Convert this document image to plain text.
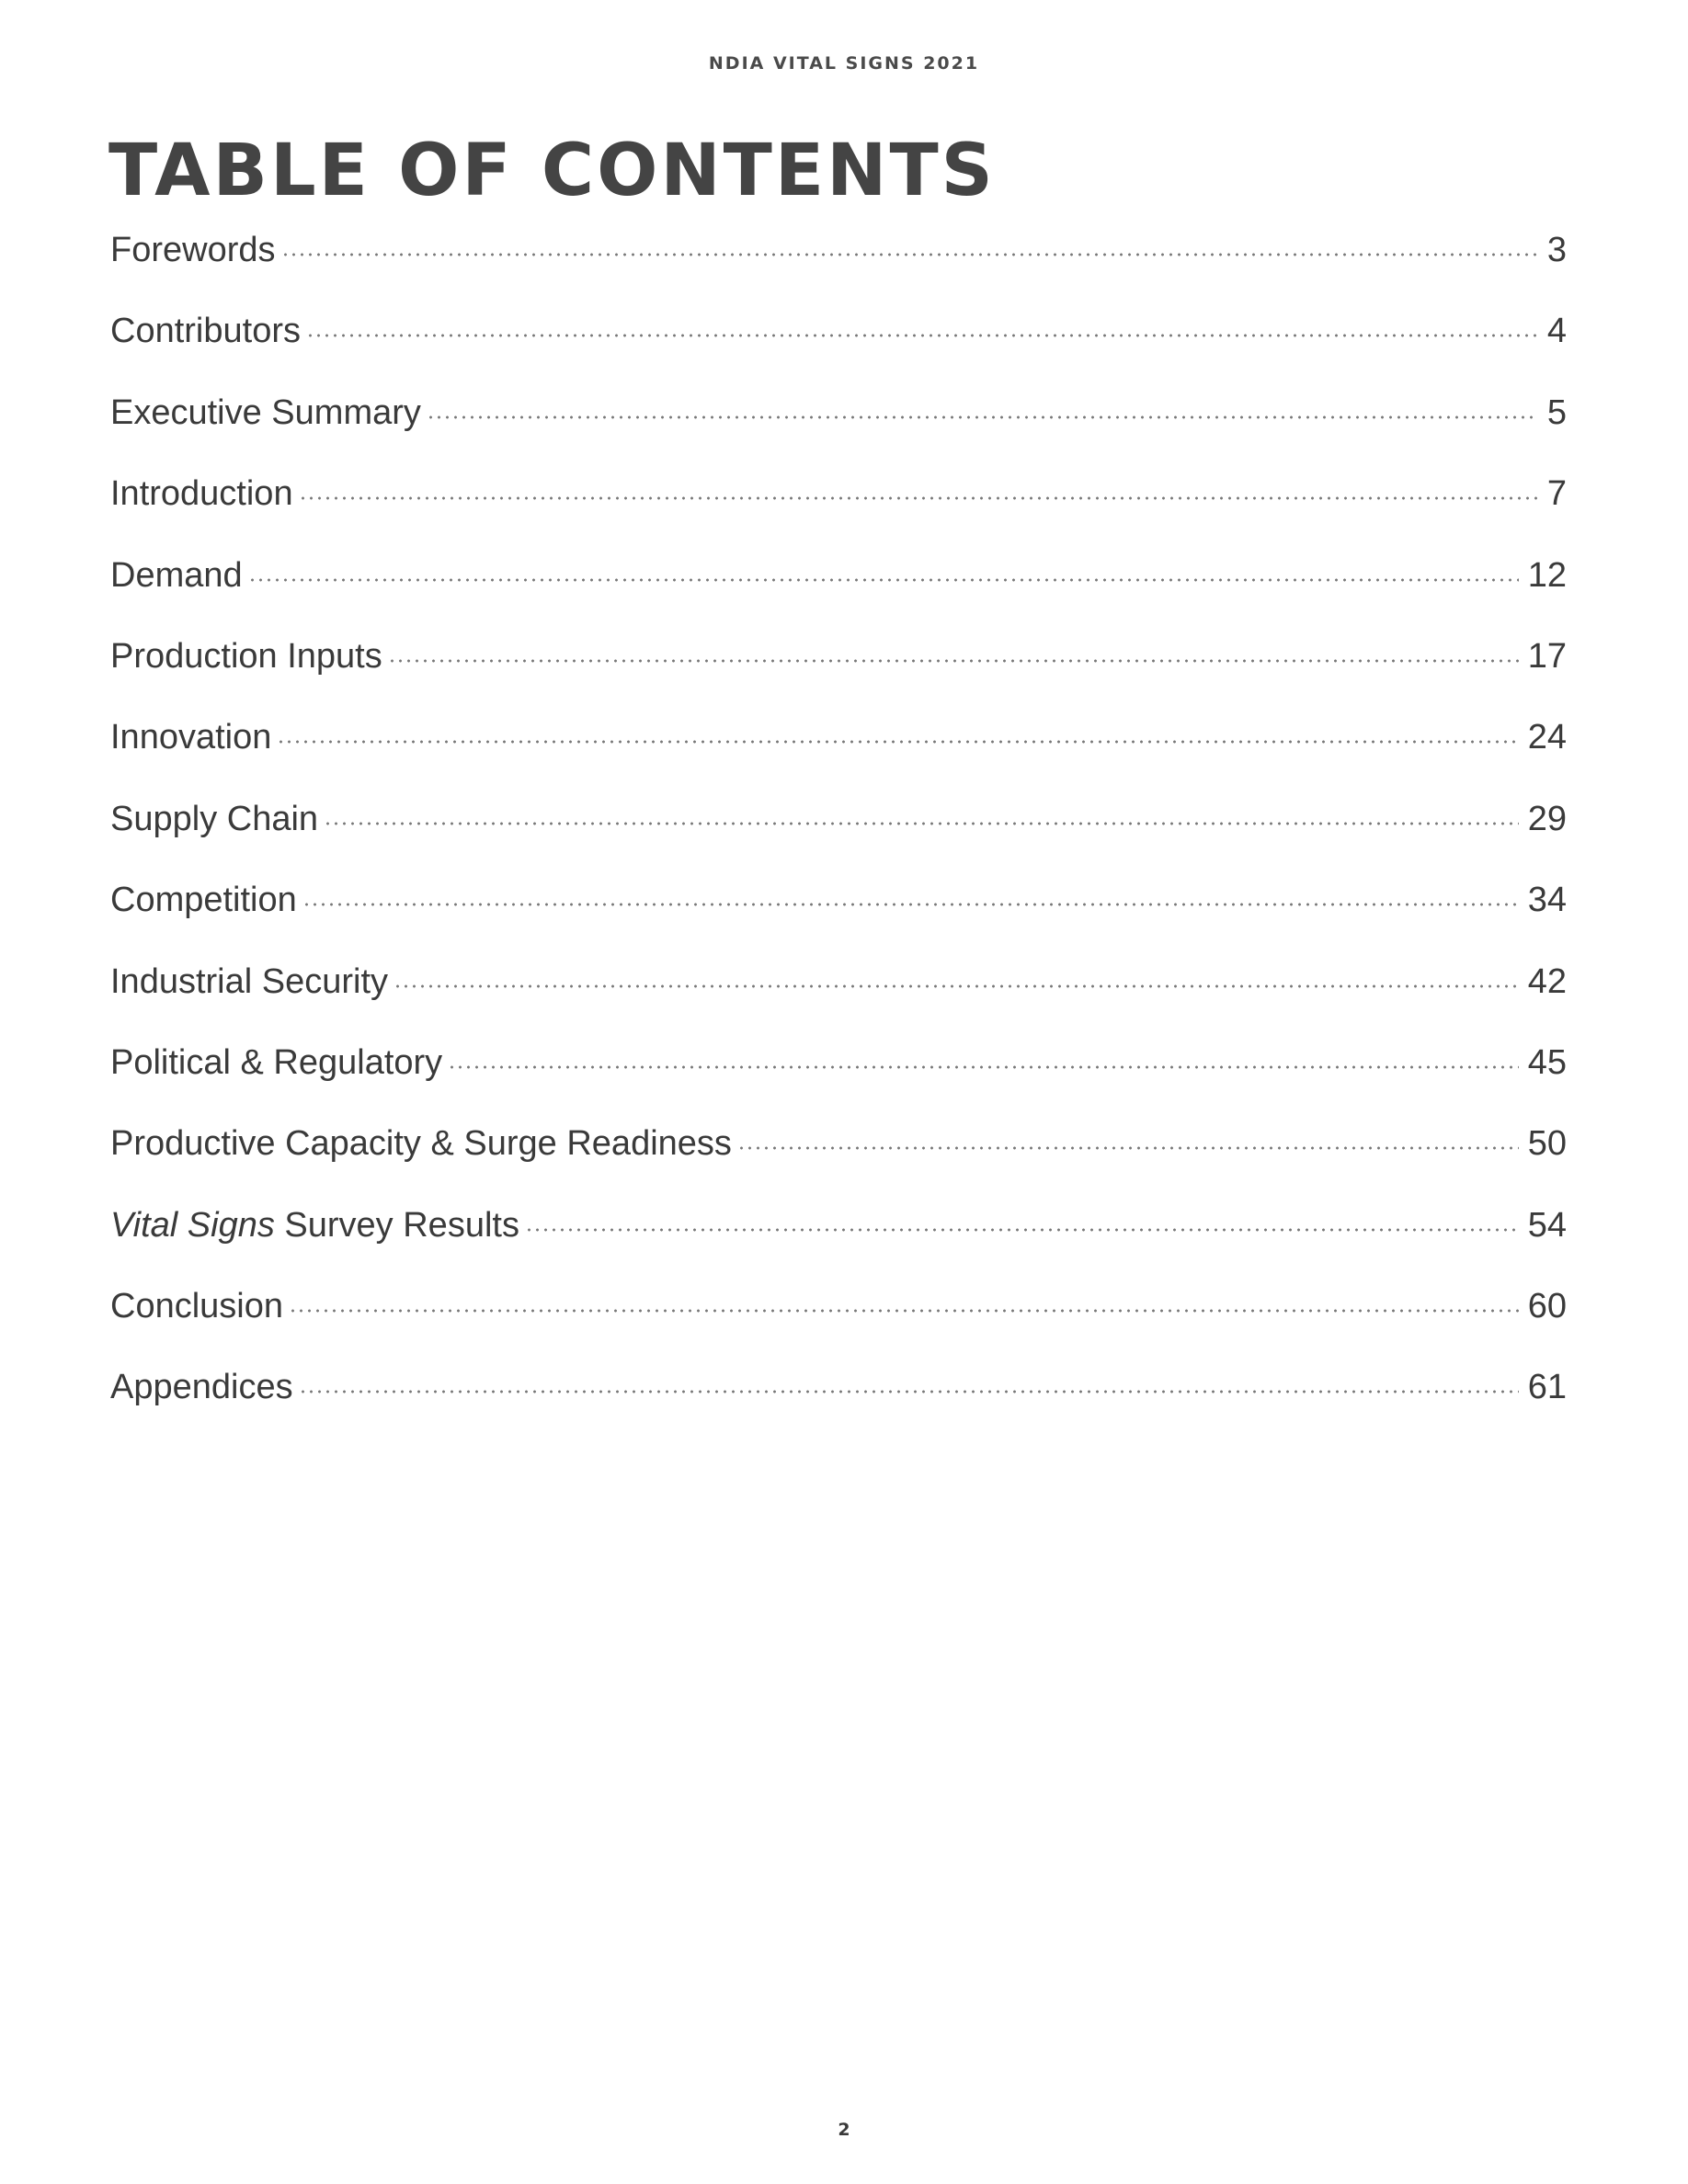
NDIA VITAL SIGNS 2021
TABLE OF CONTENTS
Forewords	3
Contributors	4
Executive Summary	5
Introduction	7
Demand	12
Production Inputs	17
Innovation	24
Supply Chain	29
Competition	34
Industrial Security	42
Political & Regulatory	45
Productive Capacity & Surge Readiness	50
Vital Signs Survey Results	54
Conclusion	60
Appendices	61
2
